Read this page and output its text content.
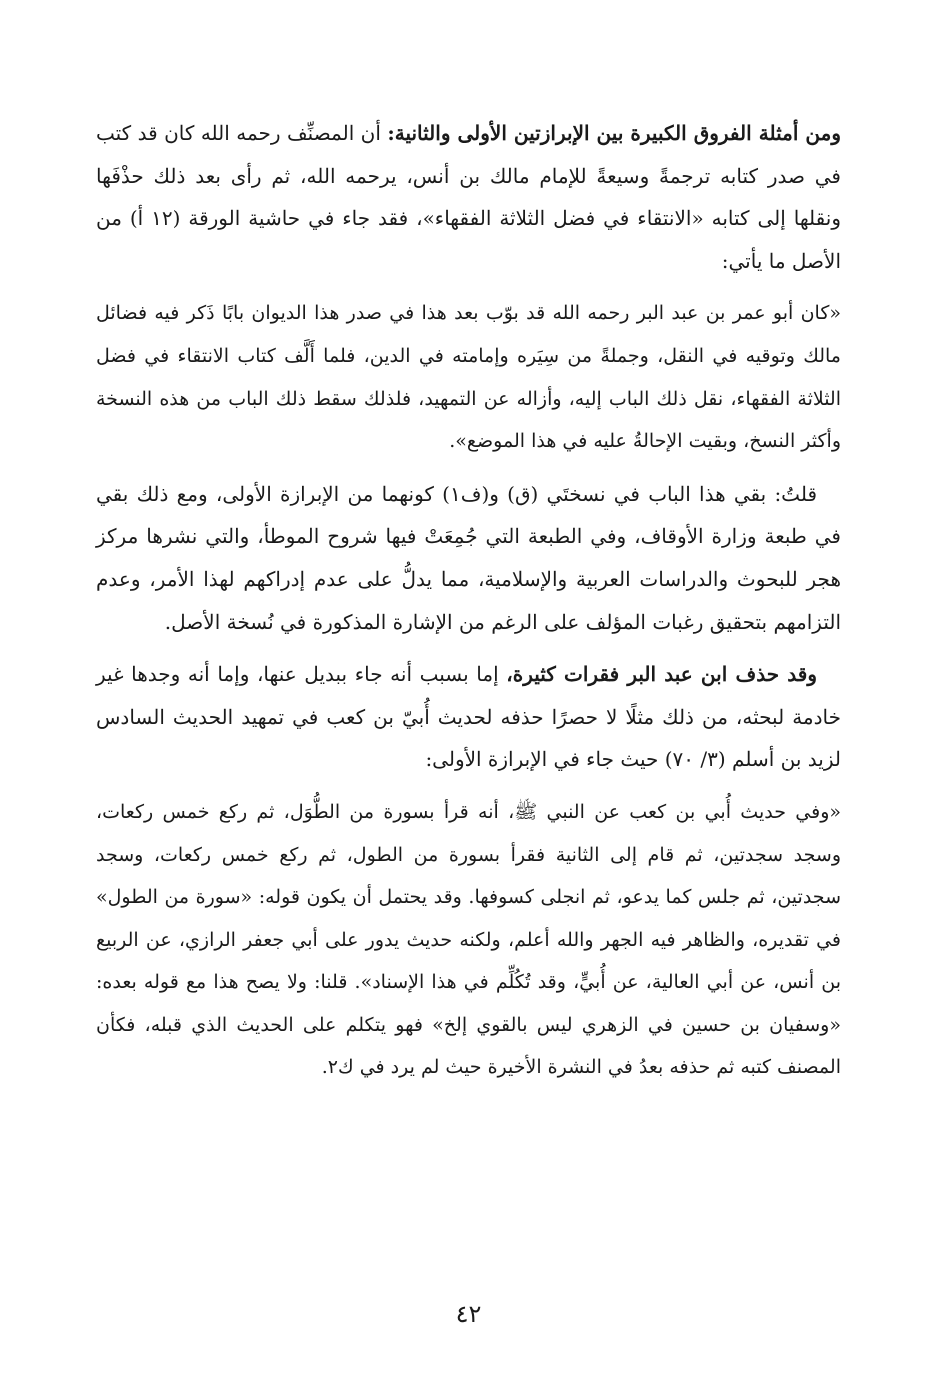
ومن أمثلة الفروق الكبيرة بين الإبرازتين الأولى والثانية: أن المصنِّف رحمه الله كان قد كتب في صدر كتابه ترجمةً وسيعةً للإمام مالك بن أنس، يرحمه الله، ثم رأى بعد ذلك حذْفَها ونقلها إلى كتابه «الانتقاء في فضل الثلاثة الفقهاء»، فقد جاء في حاشية الورقة (١٢ أ) من الأصل ما يأتي:

«كان أبو عمر بن عبد البر رحمه الله قد بوّب بعد هذا في صدر هذا الديوان بابًا ذَكر فيه فضائل مالك وتوقيه في النقل، وجملةً من سِيَره وإمامته في الدين، فلما أَلَّف كتاب الانتقاء في فضل الثلاثة الفقهاء، نقل ذلك الباب إليه، وأزاله عن التمهيد، فلذلك سقط ذلك الباب من هذه النسخة وأكثر النسخ، وبقيت الإحالةُ عليه في هذا الموضع».

قلتُ: بقي هذا الباب في نسختَي (ق) و(ف١) كونهما من الإبرازة الأولى، ومع ذلك بقي في طبعة وزارة الأوقاف، وفي الطبعة التي جُمِعَتْ فيها شروح الموطأ، والتي نشرها مركز هجر للبحوث والدراسات العربية والإسلامية، مما يدلُّ على عدم إدراكهم لهذا الأمر، وعدم التزامهم بتحقيق رغبات المؤلف على الرغم من الإشارة المذكورة في نُسخة الأصل.

وقد حذف ابن عبد البر فقرات كثيرة، إما بسبب أنه جاء ببديل عنها، وإما أنه وجدها غير خادمة لبحثه، من ذلك مثلًا لا حصرًا حذفه لحديث أُبيّ بن كعب في تمهيد الحديث السادس لزيد بن أسلم (٣/ ٧٠) حيث جاء في الإبرازة الأولى:

«وفي حديث أُبي بن كعب عن النبي ﷺ، أنه قرأ بسورة من الطُّوَل، ثم ركع خمس ركعات، وسجد سجدتين، ثم قام إلى الثانية فقرأ بسورة من الطول، ثم ركع خمس ركعات، وسجد سجدتين، ثم جلس كما يدعو، ثم انجلى كسوفها. وقد يحتمل أن يكون قوله: «سورة من الطول» في تقديره، والظاهر فيه الجهر والله أعلم، ولكنه حديث يدور على أبي جعفر الرازي، عن الربيع بن أنس، عن أبي العالية، عن أُبيٍّ، وقد تُكُلِّم في هذا الإسناد». قلنا: ولا يصح هذا مع قوله بعده: «وسفيان بن حسين في الزهري ليس بالقوي إلخ» فهو يتكلم على الحديث الذي قبله، فكأن المصنف كتبه ثم حذفه بعدُ في النشرة الأخيرة حيث لم يرد في ك٢.

٤٢
